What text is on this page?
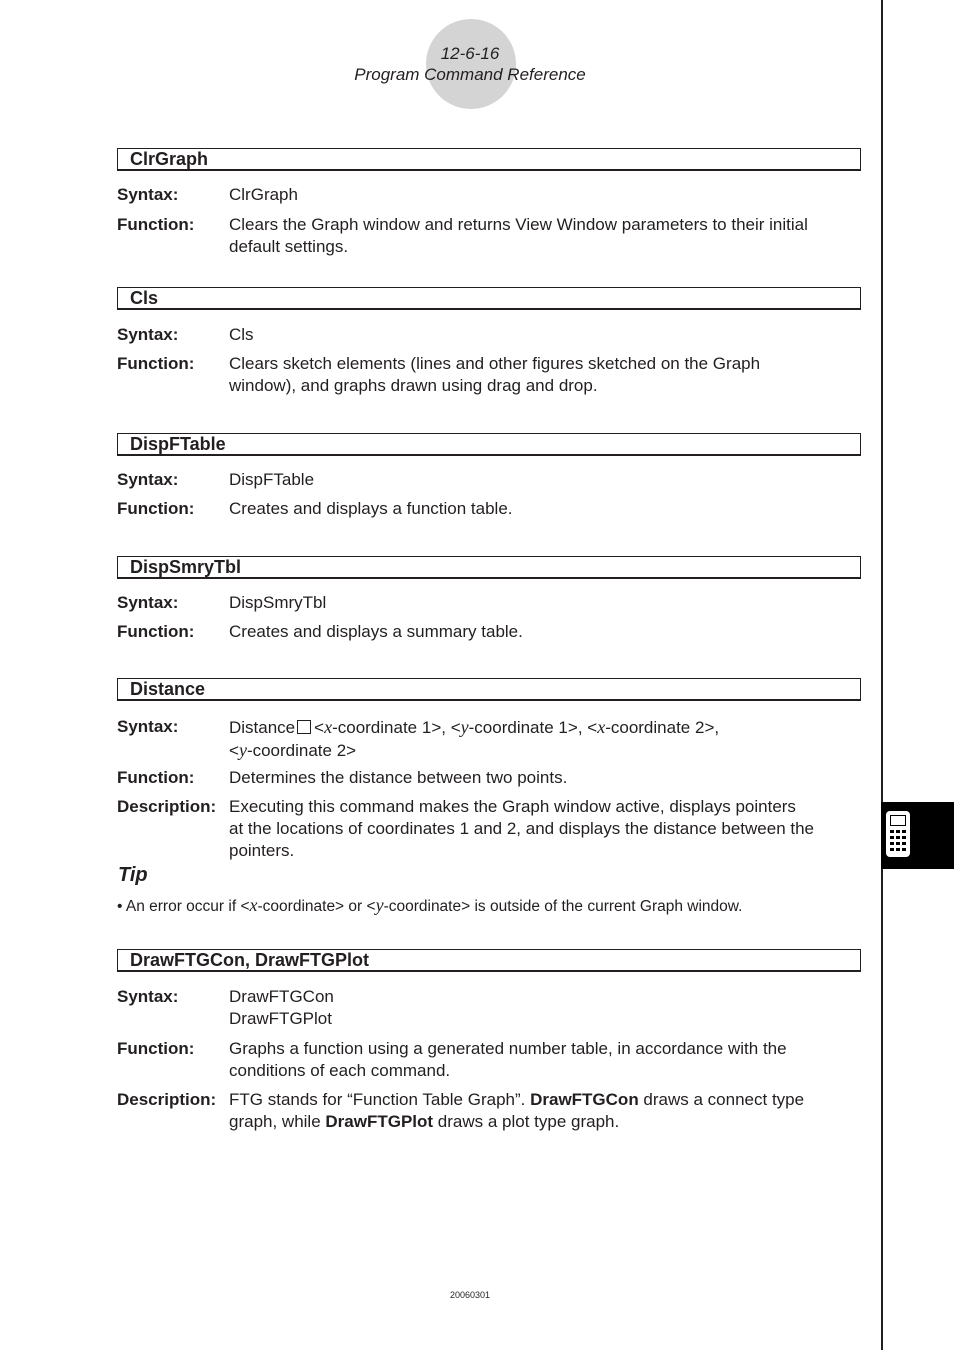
12-6-16
Program Command Reference
ClrGraph
Syntax:	ClrGraph
Function: Clears the Graph window and returns View Window parameters to their initial
default settings.
Cls
Syntax:	Cls
Function: Clears sketch elements (lines and other figures sketched on the Graph
window), and graphs drawn using drag and drop.
DispFTable
Syntax:	DispFTable
Function: Creates and displays a function table.
DispSmryTbl
Syntax:	DispSmryTbl
Function: Creates and displays a summary table.
Distance
Syntax:	Distance <x-coordinate 1>, <y-coordinate 1>, <x-coordinate 2>,
<y-coordinate 2>
Function: Determines the distance between two points.
Description: Executing this command makes the Graph window active, displays pointers
at the locations of coordinates 1 and 2, and displays the distance between the
pointers.
Tip
• An error occur if <x-coordinate> or <y-coordinate> is outside of the current Graph window.
DrawFTGCon, DrawFTGPlot
Syntax:	DrawFTGCon
DrawFTGPlot
Function: Graphs a function using a generated number table, in accordance with the
conditions of each command.
Description: FTG stands for “Function Table Graph”. DrawFTGCon draws a connect type
graph, while DrawFTGPlot draws a plot type graph.
20060301
